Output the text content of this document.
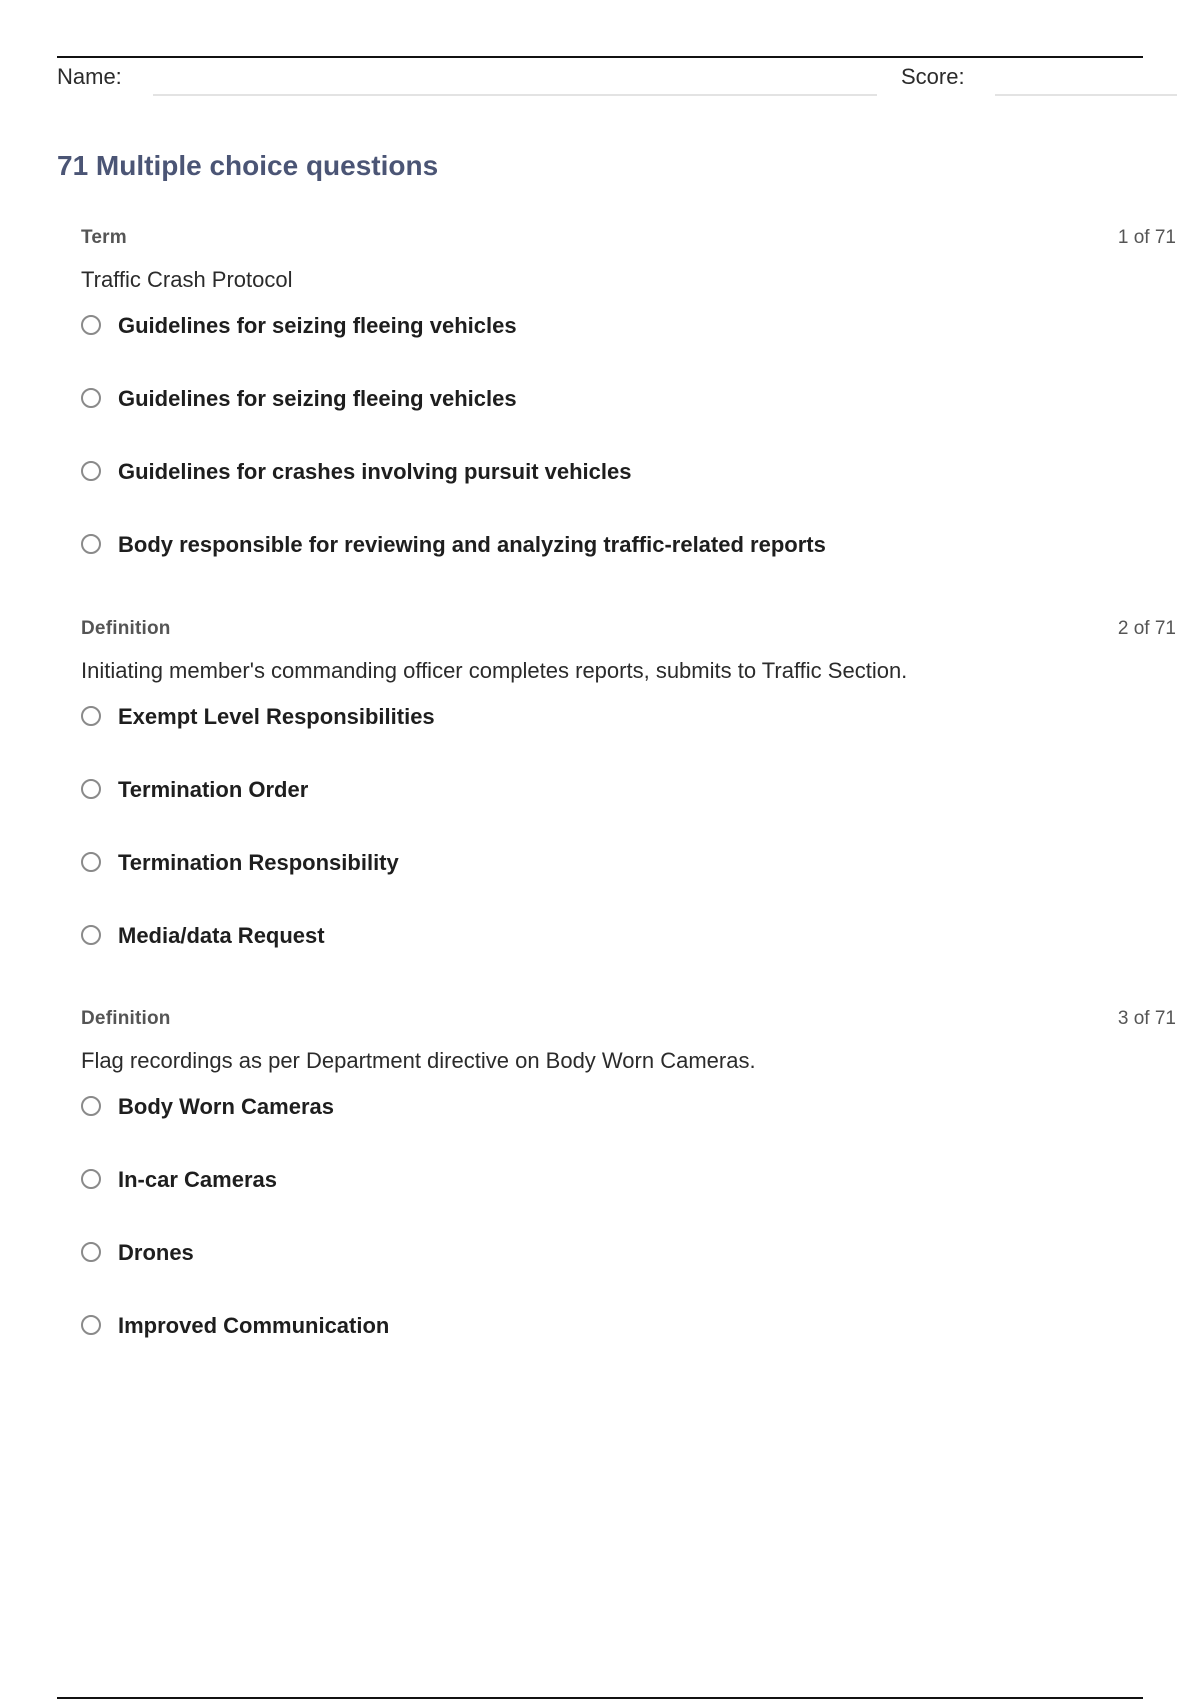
Name:	Score:
71 Multiple choice questions
Term	1 of 71
Traffic Crash Protocol
Guidelines for seizing fleeing vehicles
Guidelines for seizing fleeing vehicles
Guidelines for crashes involving pursuit vehicles
Body responsible for reviewing and analyzing traffic-related reports
Definition	2 of 71
Initiating member's commanding officer completes reports, submits to Traffic Section.
Exempt Level Responsibilities
Termination Order
Termination Responsibility
Media/data Request
Definition	3 of 71
Flag recordings as per Department directive on Body Worn Cameras.
Body Worn Cameras
In-car Cameras
Drones
Improved Communication
